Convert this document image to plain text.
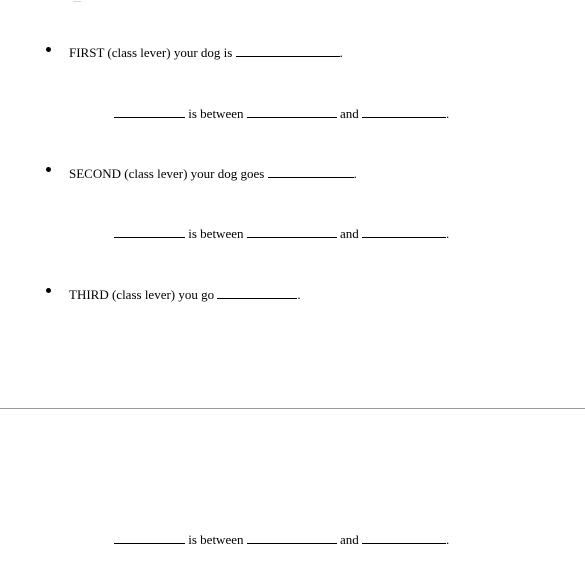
FIRST (class lever) your dog is	.
is between	and	.
SECOND (class lever) your dog goes	.
is between	and	.
THIRD (class lever) you go	.
is between	and	.
